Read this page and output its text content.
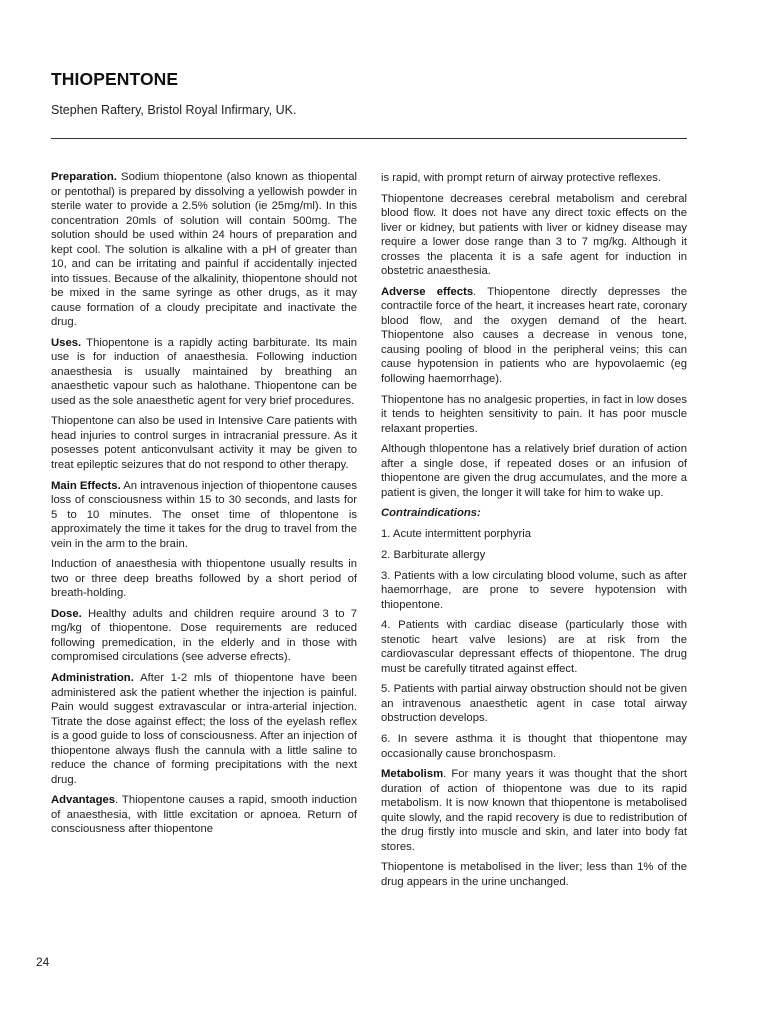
THIOPENTONE
Stephen Raftery, Bristol Royal Infirmary, UK.

Preparation. Sodium thiopentone (also known as thiopental or pentothal) is prepared by dissolving a yellowish powder in sterile water to provide a 2.5% solution (ie 25mg/ml). In this concentration 20mls of solution will contain 500mg. The solution should be used within 24 hours of preparation and kept cool. The solution is alkaline with a pH of greater than 10, and can be irritating and painful if accidentally injected into tissues. Because of the alkalinity, thiopentone should not be mixed in the same syringe as other drugs, as it may cause formation of a cloudy precipitate and inactivate the drug.

Uses. Thiopentone is a rapidly acting barbiturate. Its main use is for induction of anaesthesia. Following induction anaesthesia is usually maintained by breathing an anaesthetic vapour such as halothane. Thiopentone can be used as the sole anaesthetic agent for very brief procedures.

Thiopentone can also be used in Intensive Care patients with head injuries to control surges in intracranial pressure. As it posesses potent anticonvulsant activity it may be given to treat epileptic seizures that do not respond to other therapy.

Main Effects. An intravenous injection of thiopentone causes loss of consciousness within 15 to 30 seconds, and lasts for 5 to 10 minutes. The onset time of thlopentone is approximately the time it takes for the drug to travel from the vein in the arm to the brain.

Induction of anaesthesia with thiopentone usually results in two or three deep breaths followed by a short period of breath-holding.

Dose. Healthy adults and children require around 3 to 7 mg/kg of thiopentone. Dose requirements are reduced following premedication, in the elderly and in those with compromised circulations (see adverse efrects).

Administration. After 1-2 mls of thiopentone have been administered ask the patient whether the injection is painful. Pain would suggest extravascular or intra-arterial injection. Titrate the dose against effect; the loss of the eyelash reflex is a good guide to loss of consciousness. After an injection of thiopentone always flush the cannula with a little saline to reduce the chance of forming precipitations with the next drug.

Advantages. Thiopentone causes a rapid, smooth induction of anaesthesia, with little excitation or apnoea. Return of consciousness after thiopentone

is rapid, with prompt return of airway protective reflexes.

Thiopentone decreases cerebral metabolism and cerebral blood flow. It does not have any direct toxic effects on the liver or kidney, but patients with liver or kidney disease may require a lower dose range than 3 to 7 mg/kg. Although it crosses the placenta it is a safe agent for induction in obstetric anaesthesia.

Adverse effects. Thiopentone directly depresses the contractile force of the heart, it increases heart rate, coronary blood flow, and the oxygen demand of the heart. Thiopentone also causes a decrease in venous tone, causing pooling of blood in the peripheral veins; this can cause hypotension in patients who are hypovolaemic (eg following haemorrhage).

Thiopentone has no analgesic properties, in fact in low doses it tends to heighten sensitivity to pain. It has poor muscle relaxant properties.

Although thlopentone has a relatively brief duration of action after a single dose, if repeated doses or an infusion of thiopentone are given the drug accumulates, and the more a patient is given, the longer it will take for him to wake up.

Contraindications:

1. Acute intermittent porphyria

2. Barbiturate allergy

3. Patients with a low circulating blood volume, such as after haemorrhage, are prone to severe hypotension with thiopentone.

4. Patients with cardiac disease (particularly those with stenotic heart valve lesions) are at risk from the cardiovascular depressant effects of thiopentone. The drug must be carefully titrated against effect.

5. Patients with partial airway obstruction should not be given an intravenous anaesthetic agent in case total airway obstruction develops.

6. In severe asthma it is thought that thiopentone may occasionally cause bronchospasm.

Metabolism. For many years it was thought that the short duration of action of thiopentone was due to its rapid metabolism. It is now known that thiopentone is metabolised quite slowly, and the rapid recovery is due to redistribution of the drug firstly into muscle and skin, and later into body fat stores.

Thiopentone is metabolised in the liver; less than 1% of the drug appears in the urine unchanged.

24
